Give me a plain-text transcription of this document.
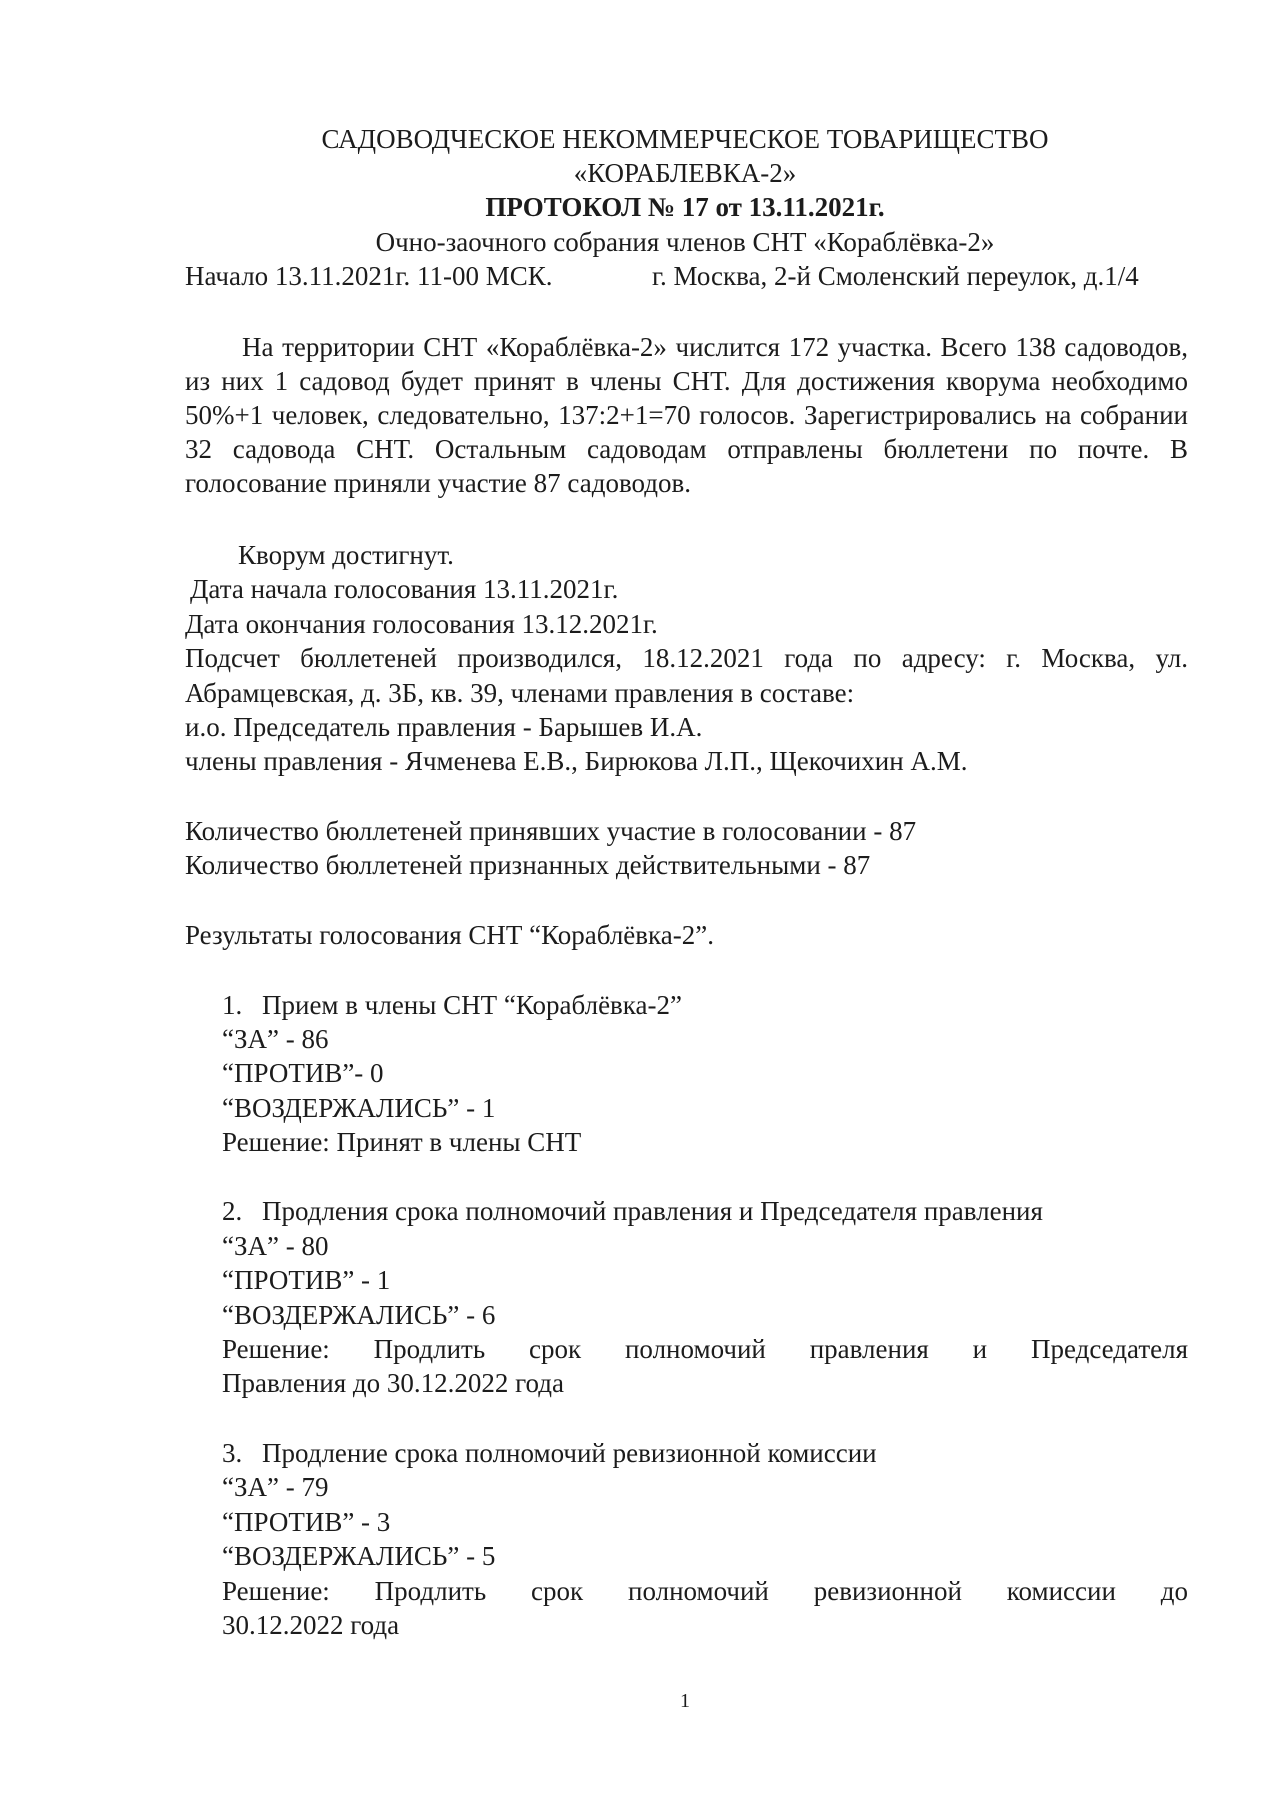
САДОВОДЧЕСКОЕ НЕКОММЕРЧЕСКОЕ ТОВАРИЩЕСТВО
«КОРАБЛЕВКА-2»
ПРОТОКОЛ № 17 от 13.11.2021г.
Очно-заочного собрания членов СНТ «Кораблёвка-2»
Начало 13.11.2021г. 11-00 МСК.	г. Москва, 2-й Смоленский переулок, д.1/4
На территории СНТ «Кораблёвка-2» числится 172 участка. Всего 138 садоводов, из них 1 садовод будет принят в члены СНТ. Для достижения кворума необходимо 50%+1 человек, следовательно, 137:2+1=70 голосов. Зарегистрировались на собрании 32 садовода СНТ. Остальным садоводам отправлены бюллетени по почте. В голосование приняли участие 87 садоводов.
Кворум достигнут.
Дата начала голосования 13.11.2021г.
Дата окончания голосования 13.12.2021г.
Подсчет бюллетеней производился, 18.12.2021 года по адресу: г. Москва, ул.
Абрамцевская, д. 3Б, кв. 39, членами правления в составе:
и.о. Председатель правления - Барышев И.А.
члены правления - Ячменева Е.В., Бирюкова Л.П., Щекочихин А.М.
Количество бюллетеней принявших участие в голосовании - 87
Количество бюллетеней признанных действительными - 87
Результаты голосования СНТ “Кораблёвка-2”.
1. Прием в члены СНТ “Кораблёвка-2”
“ЗА” - 86
“ПРОТИВ”- 0
“ВОЗДЕРЖАЛИСЬ” - 1
Решение: Принят в члены СНТ
2. Продления срока полномочий правления и Председателя правления
“ЗА” - 80
“ПРОТИВ” - 1
“ВОЗДЕРЖАЛИСЬ” - 6
Решение: Продлить срок полномочий правления и Председателя
Правления до 30.12.2022 года
3. Продление срока полномочий ревизионной комиссии
“ЗА” - 79
“ПРОТИВ” - 3
“ВОЗДЕРЖАЛИСЬ” - 5
Решение: Продлить срок полномочий ревизионной комиссии до
30.12.2022 года
1
